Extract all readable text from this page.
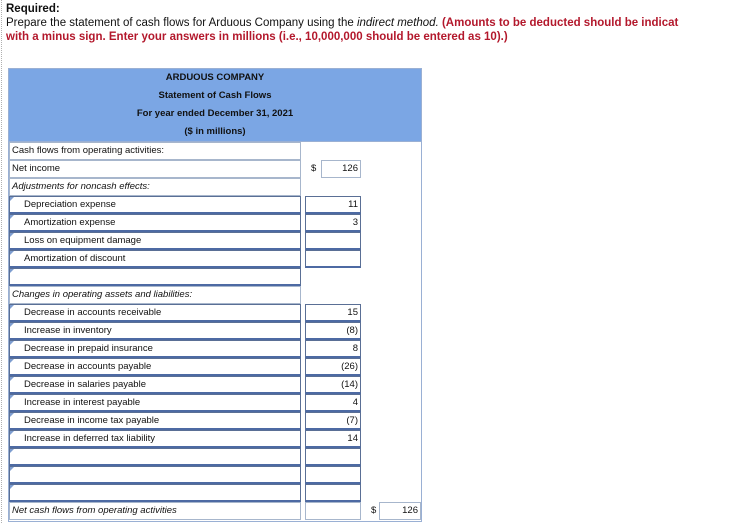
Required:
Prepare the statement of cash flows for Arduous Company using the indirect method. (Amounts to be deducted should be indicat
with a minus sign. Enter your answers in millions (i.e., 10,000,000 should be entered as 10).)
ARDUOUS COMPANY
Statement of Cash Flows
For year ended December 31, 2021
($ in millions)
Cash flows from operating activities:
Net income	$	126
Adjustments for noncash effects:
Depreciation expense	11
Amortization expense	3
Loss on equipment damage
Amortization of discount
Changes in operating assets and liabilities:
Decrease in accounts receivable	15
Increase in inventory	(8)
Decrease in prepaid insurance	8
Decrease in accounts payable	(26)
Decrease in salaries payable	(14)
Increase in interest payable	4
Decrease in income tax payable	(7)
Increase in deferred tax liability	14
Net cash flows from operating activities	$	126
